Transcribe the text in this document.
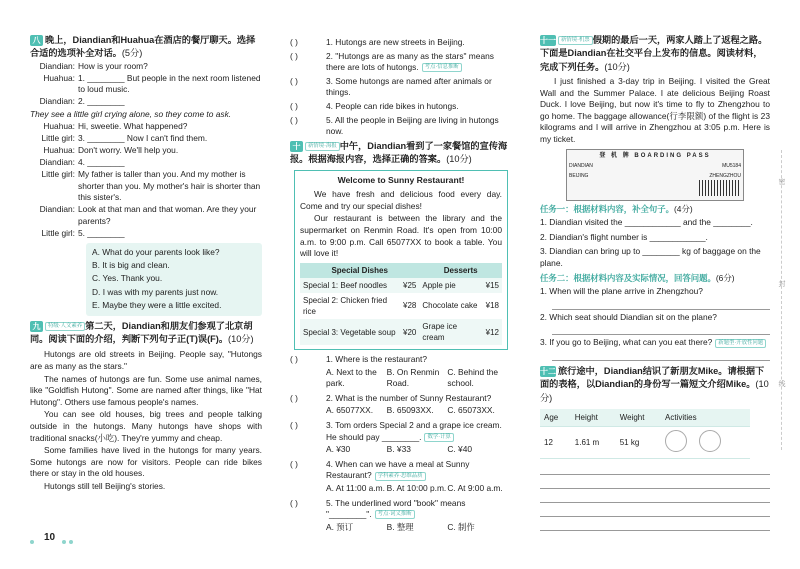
八 晚上，Diandian和Huahua在酒店的餐厅聊天。选择合适的选项补全对话。(5分)
Diandian: How is your room?
Huahua: 1. ________ But people in the next room listened to loud music.
Diandian: 2. ________
They see a little girl crying alone, so they come to ask.
Huahua: Hi, sweetie. What happened?
Little girl: 3. ________ Now I can't find them.
Huahua: Don't worry. We'll help you.
Diandian: 4. ________
Little girl: My father is taller than you. And my mother is shorter than you. My mother's hair is shorter than this sister's.
Diandian: Look at that man and that woman. Are they your parents?
Little girl: 5. ________
A. What do your parents look like?
B. It is big and clean.
C. Yes. Thank you.
D. I was with my parents just now.
E. Maybe they were a little excited.
九 特级·人文素养 第二天，Diandian和朋友们参观了北京胡同。阅读下面的介绍，判断下列句子正(T)误(F)。(10分)
Hutongs are old streets in Beijing. People say, "Hutongs are as many as the stars."
The names of hutongs are fun. Some use animal names, like "Goldfish Hutong". Some are named after things, like "Hat Hutong". Others use famous people's names.
You can see old houses, big trees and people talking outside in the hutongs. Many hutongs have shops with traditional snacks(小吃). They're yummy and cheap.
Some families have lived in the hutongs for many years. Some hutongs are now for visitors. People can ride bikes there or stay in the old houses.
Hutongs still tell Beijing's stories.
( )	1. Hutongs are new streets in Beijing.
( )	2. "Hutongs are as many as the stars" means there are lots of hutongs. 考点·信息推断
( )	3. Some hutongs are named after animals or things.
( )	4. People can ride bikes in hutongs.
( )	5. All the people in Beijing are living in hutongs now.
十 新情境·海报 中午，Diandian看到了一家餐馆的宣传海报。根据海报内容，选择正确的答案。(10分)
Welcome to Sunny Restaurant!
We have fresh and delicious food every day. Come and try our special dishes!
Our restaurant is between the library and the supermarket on Renmin Road. It's open from 10:00 a.m. to 9:00 p.m. Call 65077XX to book a table. You will love it!
Special Dishes		Desserts	
Special 1: Beef noodles	¥25	Apple pie	¥15
Special 2: Chicken fried rice	¥28	Chocolate cake	¥18
Special 3: Vegetable soup	¥20	Grape ice cream	¥12
( )	1. Where is the restaurant?
A. Next to the park.
B. On Renmin Road.
C. Behind the school.
( )	2. What is the number of Sunny Restaurant?
A. 65077XX.	B. 65093XX.	C. 65073XX.
( )	3. Tom orders Special 2 and a grape ice cream. He should pay ________. 数学·计算
A. ¥30	B. ¥33	C. ¥40
( )	4. When can we have a meal at Sunny Restaurant? 学科素养·思维品质
A. At 11:00 a.m. B. At 10:00 p.m. C. At 9:00 a.m.
( )	5. The underlined word "book" means "________". 考点·词义推断
A. 预订	B. 整理	C. 制作
十一 新情境·机票 假期的最后一天，两家人踏上了返程之路。下面是Diandian在社交平台上发布的信息。阅读材料，完成下列任务。(10分)
I just finished a 3-day trip in Beijing. I visited the Great Wall and the Summer Palace. I ate delicious Beijing Roast Duck. I love Beijing, but now it's time to fly to Zhengzhou to go home. The baggage allowance(行李限额) of the flight is 23 kilograms and I will arrive in Zhengzhou at 3:05 p.m. Here is my ticket.
登 机 牌 BOARDING PASS
DIANDIAN	MU5184
BEIJING	ZHENGZHOU
任务一：根据材料内容，补全句子。(4分)
1. Diandian visited the ____________ and the ________.
2. Diandian's flight number is ____________.
3. Diandian can bring up to ________ kg of baggage on the plane.
任务二：根据材料内容及实际情况，回答问题。(6分)
1. When will the plane arrive in Zhengzhou?
2. Which seat should Diandian sit on the plane?
3. If you go to Beijing, what can you eat there? 新题型·开放性问题
十二 旅行途中，Diandian结识了新朋友Mike。请根据下面的表格，以Diandian的身份写一篇短文介绍Mike。(10分)
Age	Height	Weight	Activities
12	1.61 m	51 kg	
密
封
线
10
